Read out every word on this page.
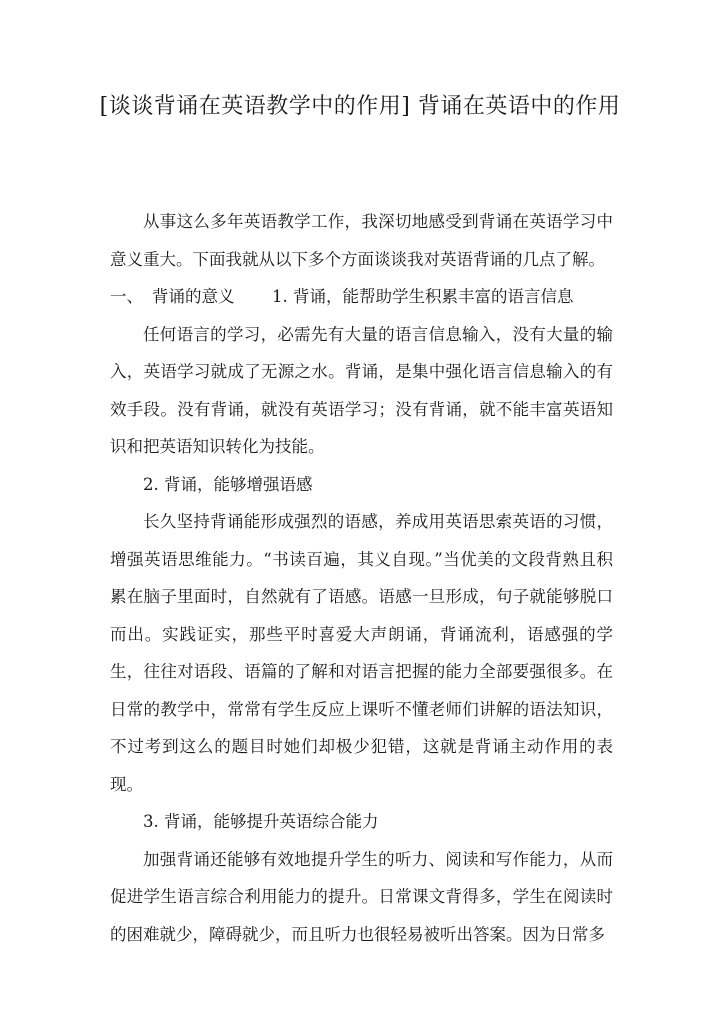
[谈谈背诵在英语教学中的作用] 背诵在英语中的作用

从事这么多年英语教学工作，我深切地感受到背诵在英语学习中意义重大。下面我就从以下多个方面谈谈我对英语背诵的几点了解。

一、 背诵的意义	1. 背诵，能帮助学生积累丰富的语言信息

任何语言的学习，必需先有大量的语言信息输入，没有大量的输入，英语学习就成了无源之水。背诵，是集中强化语言信息输入的有效手段。没有背诵，就没有英语学习；没有背诵，就不能丰富英语知识和把英语知识转化为技能。

2. 背诵，能够增强语感

长久坚持背诵能形成强烈的语感，养成用英语思索英语的习惯，增强英语思维能力。“书读百遍，其义自现。”当优美的文段背熟且积累在脑子里面时，自然就有了语感。语感一旦形成，句子就能够脱口而出。实践证实，那些平时喜爱大声朗诵，背诵流利，语感强的学生，往往对语段、语篇的了解和对语言把握的能力全部要强很多。在日常的教学中，常常有学生反应上课听不懂老师们讲解的语法知识，不过考到这么的题目时她们却极少犯错，这就是背诵主动作用的表现。

3. 背诵，能够提升英语综合能力

加强背诵还能够有效地提升学生的听力、阅读和写作能力，从而促进学生语言综合利用能力的提升。日常课文背得多，学生在阅读时的困难就少，障碍就少，而且听力也很轻易被听出答案。因为日常多
